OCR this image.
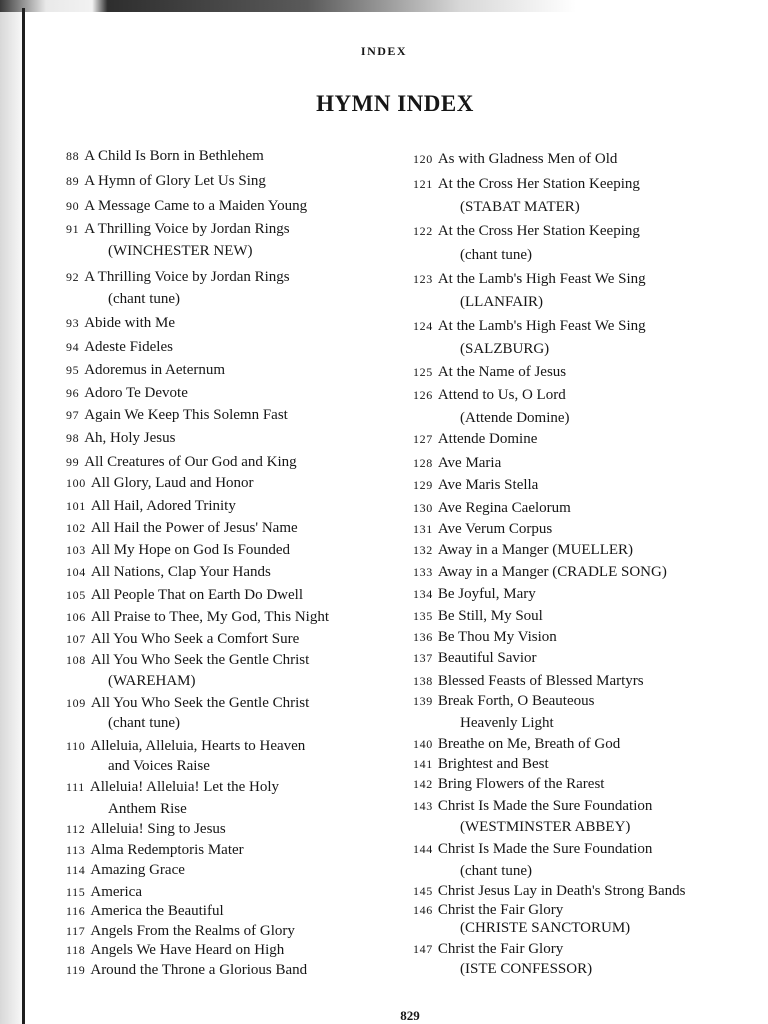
INDEX
HYMN INDEX
88 A Child Is Born in Bethlehem
89 A Hymn of Glory Let Us Sing
90 A Message Came to a Maiden Young
91 A Thrilling Voice by Jordan Rings
(WINCHESTER NEW)
92 A Thrilling Voice by Jordan Rings
(chant tune)
93 Abide with Me
94 Adeste Fideles
95 Adoremus in Aeternum
96 Adoro Te Devote
97 Again We Keep This Solemn Fast
98 Ah, Holy Jesus
99 All Creatures of Our God and King
100 All Glory, Laud and Honor
101 All Hail, Adored Trinity
102 All Hail the Power of Jesus' Name
103 All My Hope on God Is Founded
104 All Nations, Clap Your Hands
105 All People That on Earth Do Dwell
106 All Praise to Thee, My God, This Night
107 All You Who Seek a Comfort Sure
108 All You Who Seek the Gentle Christ
(WAREHAM)
109 All You Who Seek the Gentle Christ
(chant tune)
110 Alleluia, Alleluia, Hearts to Heaven
and Voices Raise
111 Alleluia! Alleluia! Let the Holy
Anthem Rise
112 Alleluia! Sing to Jesus
113 Alma Redemptoris Mater
114 Amazing Grace
115 America
116 America the Beautiful
117 Angels From the Realms of Glory
118 Angels We Have Heard on High
119 Around the Throne a Glorious Band
120 As with Gladness Men of Old
121 At the Cross Her Station Keeping
(STABAT MATER)
122 At the Cross Her Station Keeping
(chant tune)
123 At the Lamb's High Feast We Sing
(LLANFAIR)
124 At the Lamb's High Feast We Sing
(SALZBURG)
125 At the Name of Jesus
126 Attend to Us, O Lord
(Attende Domine)
127 Attende Domine
128 Ave Maria
129 Ave Maris Stella
130 Ave Regina Caelorum
131 Ave Verum Corpus
132 Away in a Manger (MUELLER)
133 Away in a Manger (CRADLE SONG)
134 Be Joyful, Mary
135 Be Still, My Soul
136 Be Thou My Vision
137 Beautiful Savior
138 Blessed Feasts of Blessed Martyrs
139 Break Forth, O Beauteous
Heavenly Light
140 Breathe on Me, Breath of God
141 Brightest and Best
142 Bring Flowers of the Rarest
143 Christ Is Made the Sure Foundation
(WESTMINSTER ABBEY)
144 Christ Is Made the Sure Foundation
(chant tune)
145 Christ Jesus Lay in Death's Strong Bands
146 Christ the Fair Glory
(CHRISTE SANCTORUM)
147 Christ the Fair Glory
(ISTE CONFESSOR)
829
